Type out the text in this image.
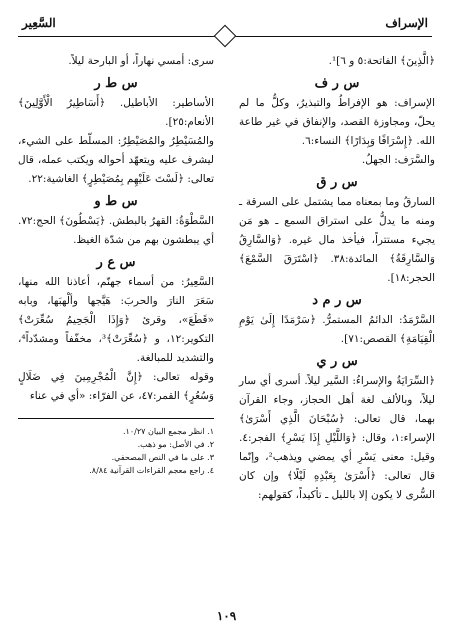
الإسراف
السَّعِير

﴿الَّذِينَ﴾ الفاتحة:٥ و ٦]¹.

س ر ف

الإسراف: هو الإفراطُ والتبذيرُ، وكلُّ ما لم يحلّ، ومجاوزة القصد، والإنفاق في غير طاعة الله. ﴿إِسْرَافًا وَبِدَارًا﴾ النساء:٦.

والسَّرَف: الجهلُ.

س ر ق

السارقُ وما بمعناه مما يشتمل على السرقة ـ ومنه ما يدلُّ على استراق السمع ـ هو مَن يجيء مستتراً، فيأخذ مال غيره. ﴿وَالسَّارِقُ وَالسَّارِقَةُ﴾ المائدة:٣٨. ﴿اسْتَرَقَ السَّمْعَ﴾ الحجر:١٨].

س ر م د

السَّرْمَدُ: الدائمُ المستمرُّ. ﴿سَرْمَدًا إِلَىٰ يَوْمِ الْقِيَامَةِ﴾ القصص:٧١].

س ر ي

﴿السِّرَايَةُ والإسراءُ: السَّير ليلاً. أسرى أي سار ليلاً، وبالألف لغة أهل الحجاز، وجاء القرآن بهما، قال تعالى: ﴿سُبْحَانَ الَّذِي أَسْرَىٰ﴾ الإسراء:١، وقال: ﴿وَاللَّيْلِ إِذَا يَسْرِ﴾ الفجر:٤. وقيل: معنى يَسْرِ أي يمضي ويذهب²، وإنّما قال تعالى: ﴿أَسْرَىٰ بِعَبْدِهِ لَيْلًا﴾ وإن كان السُّرى لا يكون إلا بالليل ـ تأكيداً، كقولهم:

سرى: أمسي نهاراً، أو البارحة ليلاً.

س ط ر

الأساطير: الأباطيل. ﴿أَسَاطِيرُ الْأَوَّلِينَ﴾ الأنعام:٢٥].

والمُسَيْطِرُ والمُصَيْطِرُ: المسلّط على الشيء، ليشرف عليه ويتعهّد أحواله ويكتب عمله، قال تعالى: ﴿لَسْتَ عَلَيْهِم بِمُصَيْطِرٍ﴾ الغاشية:٢٢.

س ط و

السَّطْوَةُ: القهرُ بالبطش. ﴿يَسْطُونَ﴾ الحج:٧٢. أي يبطشون بهم من شدّة الغيظ.

س ع ر

السَّعِيرُ: من أسماء جهنّم، أعاذنا الله منها، سَعَرَ النارَ والحربَ: هَيَّجها وألْهبَها، وبابه «قَطَعَ»، وقرئ ﴿وَإِذَا الْجَحِيمُ سُعِّرَتْ﴾ التكوير:١٢، و ﴿سُعِّرَتْ﴾³، مخفّفاً ومشدّداً⁴، والتشديد للمبالغة.

وقوله تعالى: ﴿إِنَّ الْمُجْرِمِينَ فِي ضَلَالٍ وَسُعُرٍ﴾ القمر:٤٧، عن الفرّاء: «أي في عناء

١. انظر مجمع البيان ١٠/٢٧.
٢. في الأصل: مو ذهب.
٣. على ما في النص المصحفي.
٤. راجع معجم القراءات القرآنية ٨/٨٤.
١٠٩
